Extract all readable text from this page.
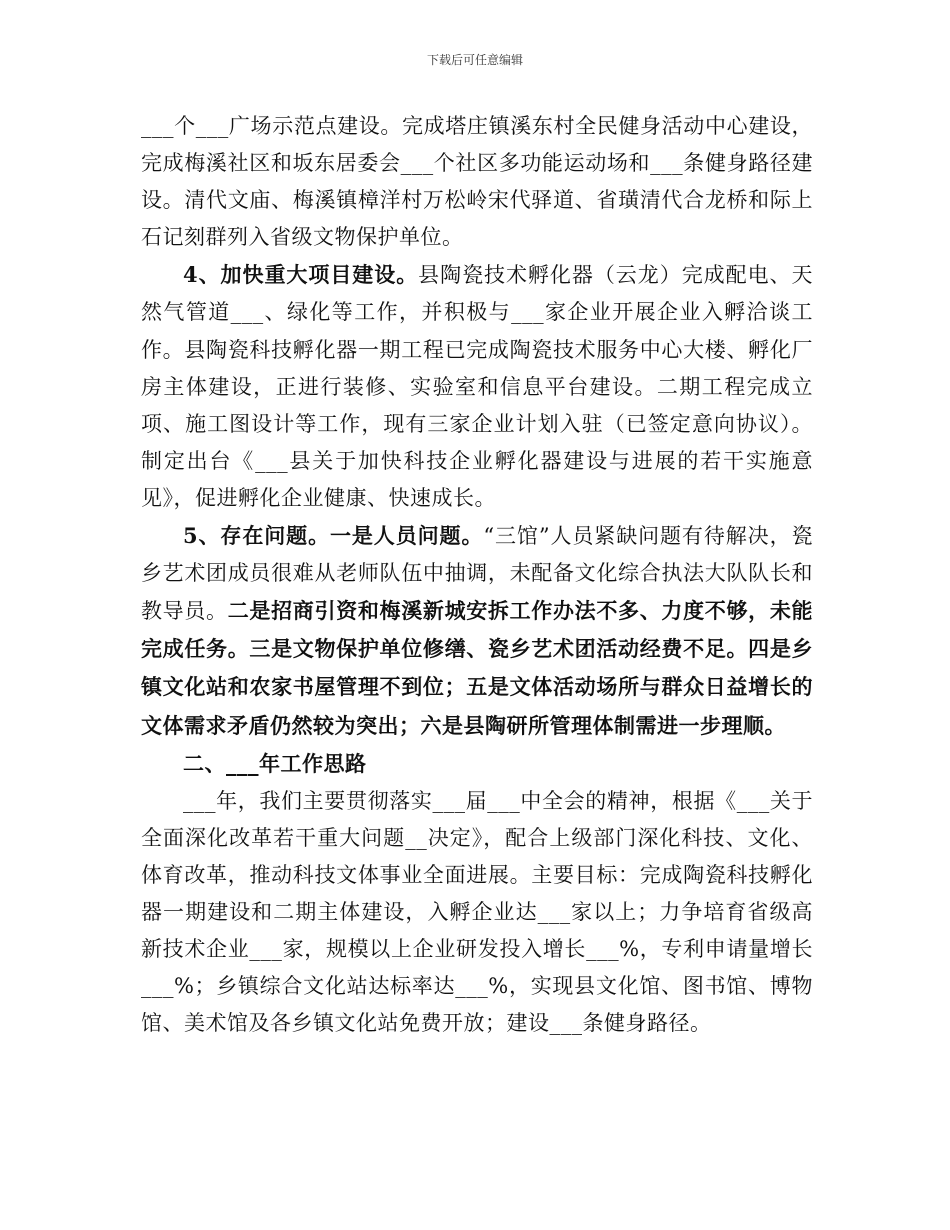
下载后可任意编辑

___个___广场示范点建设。完成塔庄镇溪东村全民健身活动中心建设，完成梅溪社区和坂东居委会___个社区多功能运动场和___条健身路径建设。清代文庙、梅溪镇樟洋村万松岭宋代驿道、省璜清代合龙桥和际上石记刻群列入省级文物保护单位。

4、加快重大项目建设。县陶瓷技术孵化器（云龙）完成配电、天然气管道___、绿化等工作，并积极与___家企业开展企业入孵洽谈工作。县陶瓷科技孵化器一期工程已完成陶瓷技术服务中心大楼、孵化厂房主体建设，正进行装修、实验室和信息平台建设。二期工程完成立项、施工图设计等工作，现有三家企业计划入驻（已签定意向协议）。制定出台《___县关于加快科技企业孵化器建设与进展的若干实施意见》，促进孵化企业健康、快速成长。

5、存在问题。一是人员问题。“三馆”人员紧缺问题有待解决，瓷乡艺术团成员很难从老师队伍中抽调，未配备文化综合执法大队队长和教导员。二是招商引资和梅溪新城安拆工作办法不多、力度不够，未能完成任务。三是文物保护单位修缮、瓷乡艺术团活动经费不足。四是乡镇文化站和农家书屋管理不到位；五是文体活动场所与群众日益增长的文体需求矛盾仍然较为突出；六是县陶研所管理体制需进一步理顺。

二、___年工作思路

___年，我们主要贯彻落实___届___中全会的精神，根据《___关于全面深化改革若干重大问题__决定》，配合上级部门深化科技、文化、体育改革，推动科技文体事业全面进展。主要目标：完成陶瓷科技孵化器一期建设和二期主体建设，入孵企业达___家以上；力争培育省级高新技术企业___家，规模以上企业研发投入增长___%，专利申请量增长___%；乡镇综合文化站达标率达___%，实现县文化馆、图书馆、博物馆、美术馆及各乡镇文化站免费开放；建设___条健身路径。
